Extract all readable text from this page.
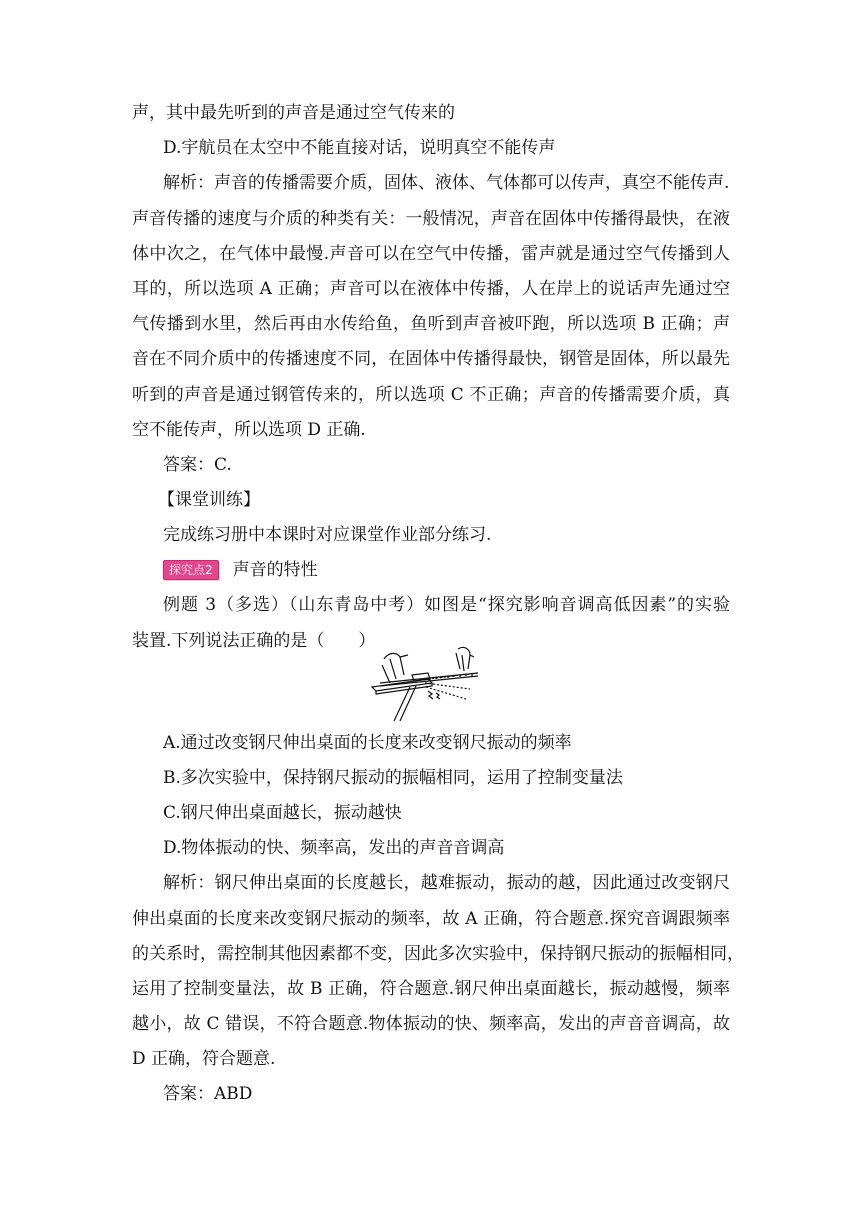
声，其中最先听到的声音是通过空气传来的
D.宇航员在太空中不能直接对话，说明真空不能传声
解析：声音的传播需要介质，固体、液体、气体都可以传声，真空不能传声.
声音传播的速度与介质的种类有关：一般情况，声音在固体中传播得最快，在液
体中次之，在气体中最慢.声音可以在空气中传播，雷声就是通过空气传播到人
耳的，所以选项 A 正确；声音可以在液体中传播，人在岸上的说话声先通过空
气传播到水里，然后再由水传给鱼，鱼听到声音被吓跑，所以选项 B 正确；声
音在不同介质中的传播速度不同，在固体中传播得最快，钢管是固体，所以最先
听到的声音是通过钢管传来的，所以选项 C 不正确；声音的传播需要介质，真
空不能传声，所以选项 D 正确.
答案：C.
【课堂训练】
完成练习册中本课时对应课堂作业部分练习.
探究点2 声音的特性
例题 3（多选）（山东青岛中考）如图是“探究影响音调高低因素”的实验
装置.下列说法正确的是（　　）
A.通过改变钢尺伸出桌面的长度来改变钢尺振动的频率
B.多次实验中，保持钢尺振动的振幅相同，运用了控制变量法
C.钢尺伸出桌面越长，振动越快
D.物体振动的快、频率高，发出的声音音调高
解析：钢尺伸出桌面的长度越长，越难振动，振动的越，因此通过改变钢尺
伸出桌面的长度来改变钢尺振动的频率，故 A 正确，符合题意.探究音调跟频率
的关系时，需控制其他因素都不变，因此多次实验中，保持钢尺振动的振幅相同，
运用了控制变量法，故 B 正确，符合题意.钢尺伸出桌面越长，振动越慢，频率
越小，故 C 错误，不符合题意.物体振动的快、频率高，发出的声音音调高，故
D 正确，符合题意.
答案：ABD
